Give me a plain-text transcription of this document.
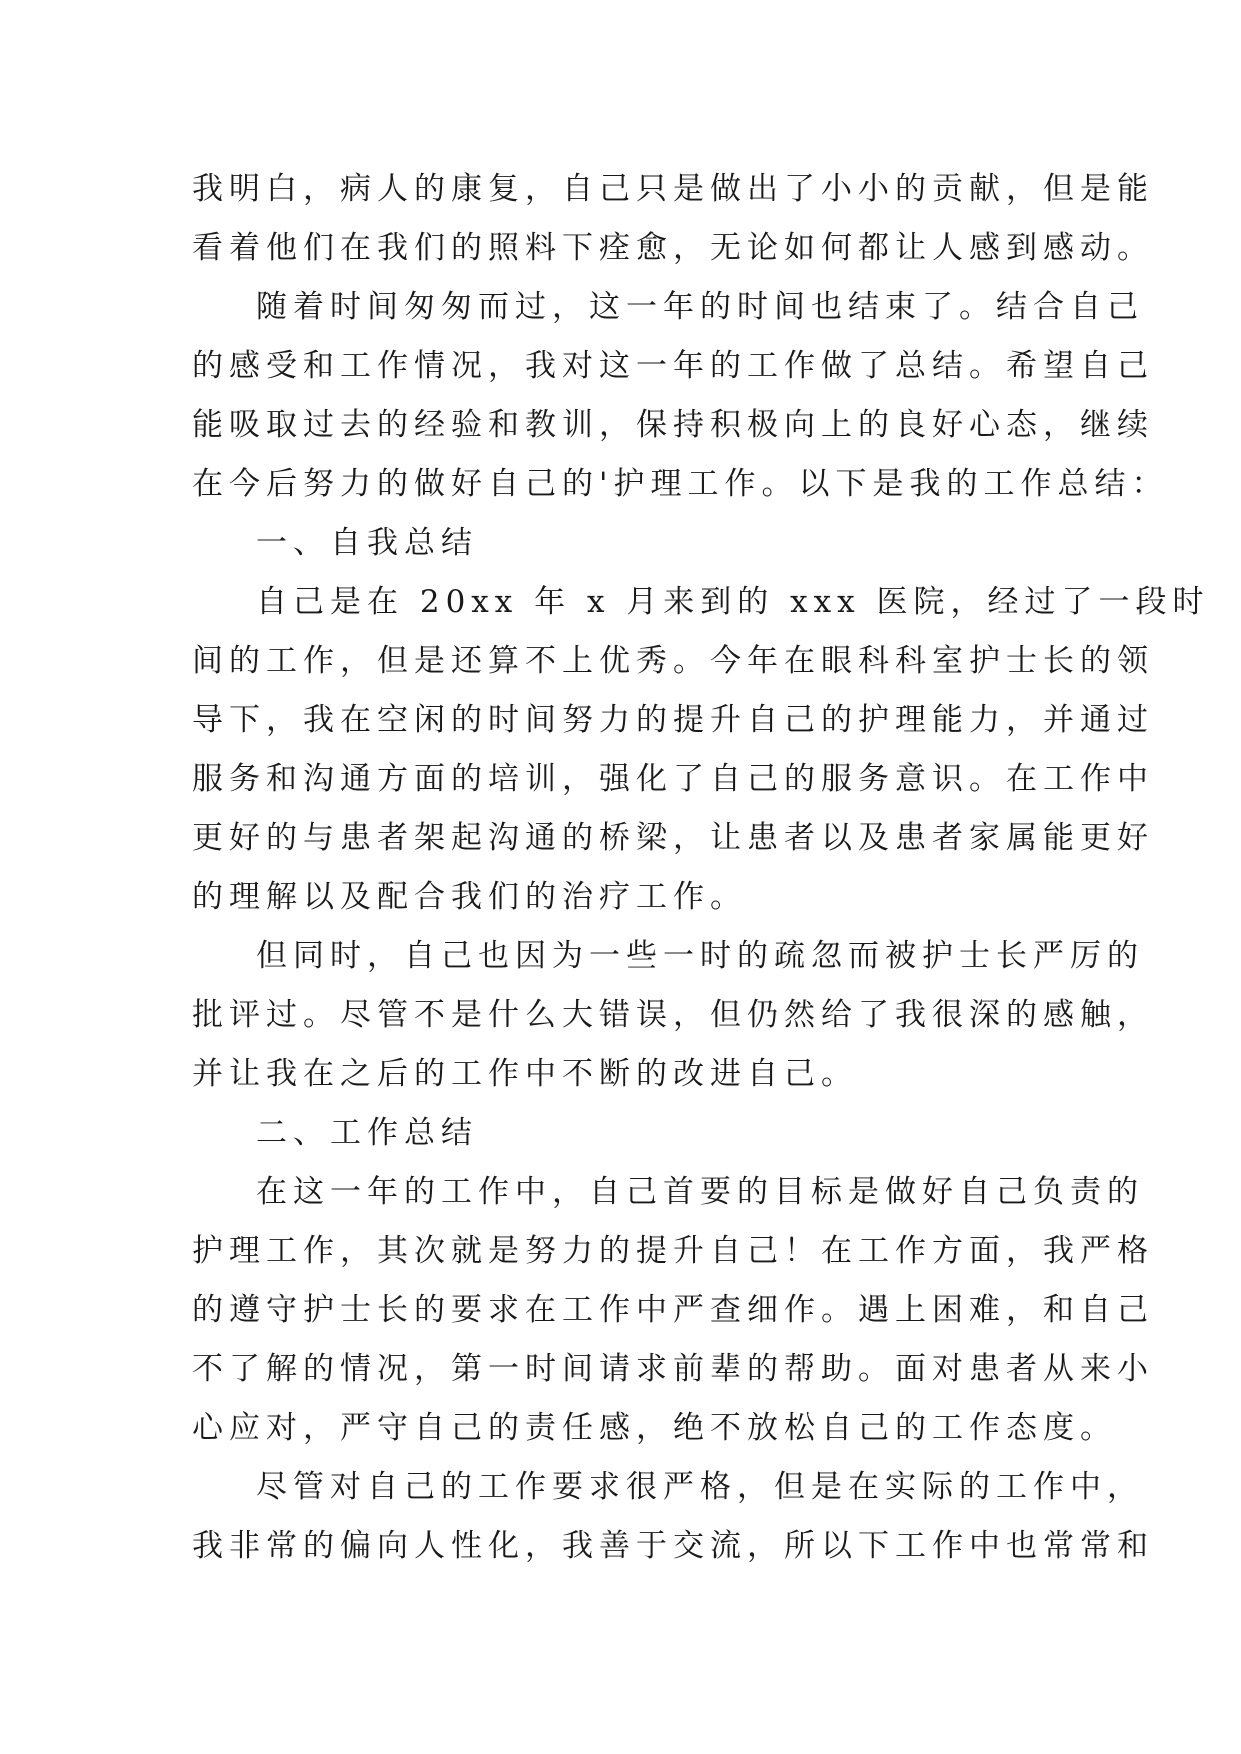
我明白，病人的康复，自己只是做出了小小的贡献，但是能

看着他们在我们的照料下痊愈，无论如何都让人感到感动。

随着时间匆匆而过，这一年的时间也结束了。结合自己

的感受和工作情况，我对这一年的工作做了总结。希望自己

能吸取过去的经验和教训，保持积极向上的良好心态，继续

在今后努力的做好自己的'护理工作。以下是我的工作总结：

一、自我总结

自己是在 20xx 年 x 月来到的 xxx 医院，经过了一段时

间的工作，但是还算不上优秀。今年在眼科科室护士长的领

导下，我在空闲的时间努力的提升自己的护理能力，并通过

服务和沟通方面的培训，强化了自己的服务意识。在工作中

更好的与患者架起沟通的桥梁，让患者以及患者家属能更好

的理解以及配合我们的治疗工作。

但同时，自己也因为一些一时的疏忽而被护士长严厉的

批评过。尽管不是什么大错误，但仍然给了我很深的感触，

并让我在之后的工作中不断的改进自己。

二、工作总结

在这一年的工作中，自己首要的目标是做好自己负责的

护理工作，其次就是努力的提升自己！在工作方面，我严格

的遵守护士长的要求在工作中严查细作。遇上困难，和自己

不了解的情况，第一时间请求前辈的帮助。面对患者从来小

心应对，严守自己的责任感，绝不放松自己的工作态度。

尽管对自己的工作要求很严格，但是在实际的工作中，

我非常的偏向人性化，我善于交流，所以下工作中也常常和
